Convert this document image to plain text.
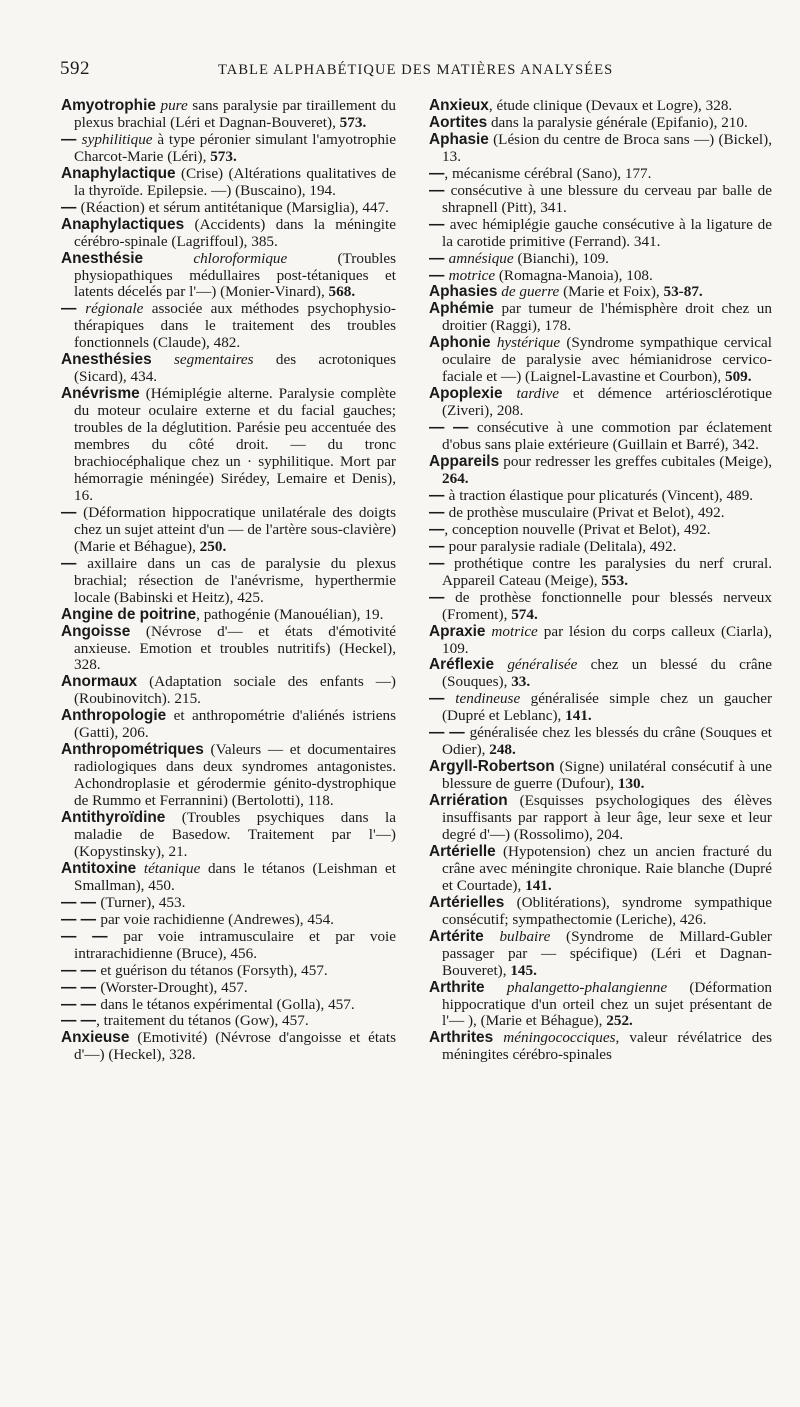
592	TABLE ALPHABÉTIQUE DES MATIÈRES ANALYSÉES
Amyotrophie pure sans paralysie par tiraillement du plexus brachial (Léri et Dagnan-Bouveret), 573.
— syphilitique à type péronier simulant l'amyotrophie Charcot-Marie (Léri), 573.
Anaphylactique (Crise) (Altérations qualitatives de la thyroïde. Epilepsie. —) (Buscaino), 194.
— (Réaction) et sérum antitétanique (Marsiglia), 447.
Anaphylactiques (Accidents) dans la méningite cérébro-spinale (Lagriffoul), 385.
Anesthésie	chloroformique (Troubles physiopathiques médullaires post-tétaniques et latents décelés par l'—) (Monier-Vinard), 568.
— régionale associée aux méthodes psychophysio-thérapiques dans le traitement des troubles fonctionnels (Claude), 482.
Anesthésies segmentaires des acrotoniques (Sicard), 434.
Anévrisme (Hémiplégie alterne. Paralysie complète du moteur oculaire externe et du facial gauches; troubles de la déglutition. Parésie peu accentuée des membres du côté droit. — du tronc brachiocéphalique chez un · syphilitique. Mort par hémorragie méningée) Sirédey, Lemaire et Denis), 16.
— (Déformation hippocratique unilatérale des doigts chez un sujet atteint d'un — de l'artère sous-clavière) (Marie et Béhague), 250.
— axillaire dans un cas de paralysie du plexus brachial; résection de l'anévrisme, hyperthermie locale (Babinski et Heitz), 425.
Angine de poitrine, pathogénie (Manouélian), 19.
Angoisse (Névrose d'— et états d'émotivité anxieuse. Emotion et troubles nutritifs) (Heckel), 328.
Anormaux (Adaptation sociale des enfants —) (Roubinovitch). 215.
Anthropologie et anthropométrie d'aliénés istriens (Gatti), 206.
Anthropométriques (Valeurs — et documentaires radiologiques dans deux syndromes antagonistes. Achondroplasie et gérodermie génito-dystrophique de Rummo et Ferrannini) (Bertolotti), 118.
Antithyroïdine (Troubles psychiques dans la maladie de Basedow. Traitement par l'—) (Kopystinsky), 21.
Antitoxine tétanique dans le tétanos (Leishman et Smallman), 450.
— — (Turner), 453.
— — par voie rachidienne (Andrewes), 454.
— — par voie intramusculaire et par voie intrarachidienne (Bruce), 456.
— — et guérison du tétanos (Forsyth), 457.
— — (Worster-Drought), 457.
— — dans le tétanos expérimental (Golla), 457.
— —, traitement du tétanos (Gow), 457.
Anxieuse (Emotivité) (Névrose d'angoisse et états d'—) (Heckel), 328.
Anxieux, étude clinique (Devaux et Logre), 328.
Aortites dans la paralysie générale (Epifanio), 210.
Aphasie (Lésion du centre de Broca sans —) (Bickel), 13.
—, mécanisme cérébral (Sano), 177.
— consécutive à une blessure du cerveau par balle de shrapnell (Pitt), 341.
— avec hémiplégie gauche consécutive à la ligature de la carotide primitive (Ferrand). 341.
— amnésique (Bianchi), 109.
— motrice (Romagna-Manoia), 108.
Aphasies de guerre (Marie et Foix), 53-87.
Aphémie par tumeur de l'hémisphère droit chez un droitier (Raggi), 178.
Aphonie hystérique (Syndrome sympathique cervical oculaire de paralysie avec hémianidrose cervico-faciale et —) (Laignel-Lavastine et Courbon), 509.
Apoplexie tardive et démence artériosclérotique (Ziveri), 208.
— — consécutive à une commotion par éclatement d'obus sans plaie extérieure (Guillain et Barré), 342.
Appareils pour redresser les greffes cubitales (Meige), 264.
— à traction élastique pour plicaturés (Vincent), 489.
— de prothèse musculaire (Privat et Belot), 492.
—, conception nouvelle (Privat et Belot), 492.
— pour paralysie radiale (Delitala), 492.
— prothétique contre les paralysies du nerf crural. Appareil Cateau (Meige), 553.
— de prothèse fonctionnelle pour blessés nerveux (Froment), 574.
Apraxie motrice par lésion du corps calleux (Ciarla), 109.
Aréflexie généralisée chez un blessé du crâne (Souques), 33.
— tendineuse généralisée simple chez un gaucher (Dupré et Leblanc), 141.
— — généralisée chez les blessés du crâne (Souques et Odier), 248.
Argyll-Robertson (Signe) unilatéral consécutif à une blessure de guerre (Dufour), 130.
Arriération (Esquisses psychologiques des élèves insuffisants par rapport à leur âge, leur sexe et leur degré d'—) (Rossolimo), 204.
Artérielle (Hypotension) chez un ancien fracturé du crâne avec méningite chronique. Raie blanche (Dupré et Courtade), 141.
Artérielles (Oblitérations), syndrome sympathique consécutif; sympathectomie (Leriche), 426.
Artérite bulbaire (Syndrome de Millard-Gubler passager par — spécifique) (Léri et Dagnan-Bouveret), 145.
Arthrite phalangetto-phalangienne (Déformation hippocratique d'un orteil chez un sujet présentant de l'— ), (Marie et Béhague), 252.
Arthrites méningococciques, valeur révélatrice des méningites cérébro-spinales
